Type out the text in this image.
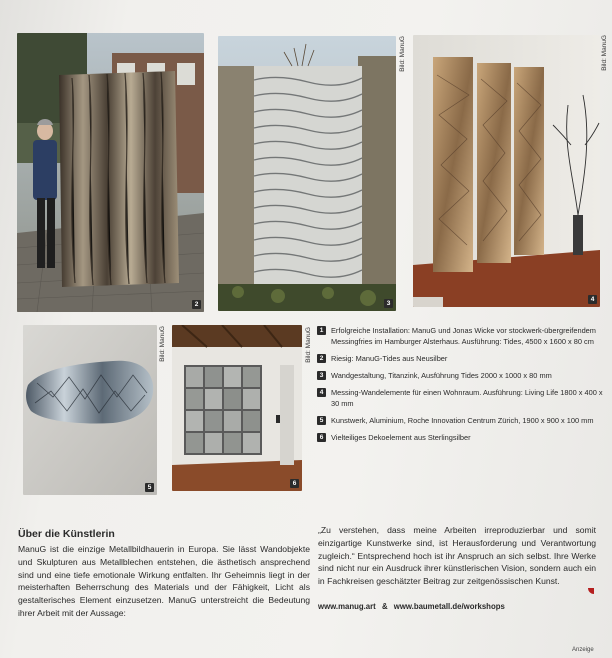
2	3
Bild: ManuG
4
Bild: ManuG
5
Bild: ManuG
6
Bild: ManuG	1	Erfolgreiche Installation: ManuG und Jonas Wicke vor stockwerk-übergreifendem Messingfries im Hamburger Alsterhaus. Ausführung: Tides, 4500 x 1600 x 80 cm
2	Riesig: ManuG-Tides aus Neusilber
3	Wandgestaltung, Titanzink, Ausführung Tides 2000 x 1000 x 80 mm
4	Messing-Wandelemente für einen Wohnraum. Ausführung: Living Life 1800 x 400 x 30 mm
5	Kunstwerk, Aluminium, Roche Innovation Centrum Zürich, 1900 x 900 x 100 mm
6	Vielteiliges Dekoelement aus Sterlingsilber
Über die Künstlerin
ManuG ist die einzige Metallbildhauerin in Europa. Sie lässt Wandobjekte und Skulpturen aus Metallblechen entstehen, die ästhetisch ansprechend sind und eine tiefe emotionale Wirkung entfalten. Ihr Geheimnis liegt in der meisterhaften Beherrschung des Materials und der Fähigkeit, Licht als gestalterisches Element einzusetzen. ManuG unterstreicht die Bedeutung ihrer Arbeit mit der Aussage:
„Zu verstehen, dass meine Arbeiten irreproduzierbar und somit einzigartige Kunstwerke sind, ist Herausforderung und Verantwortung zugleich.“ Entsprechend hoch ist ihr Anspruch an sich selbst. Ihre Werke sind nicht nur ein Ausdruck ihrer künstlerischen Vision, sondern auch ein in Fachkreisen geschätzter Beitrag zur zeitgenössischen Kunst.
www.manug.art & www.baumetall.de/workshops
Anzeige
